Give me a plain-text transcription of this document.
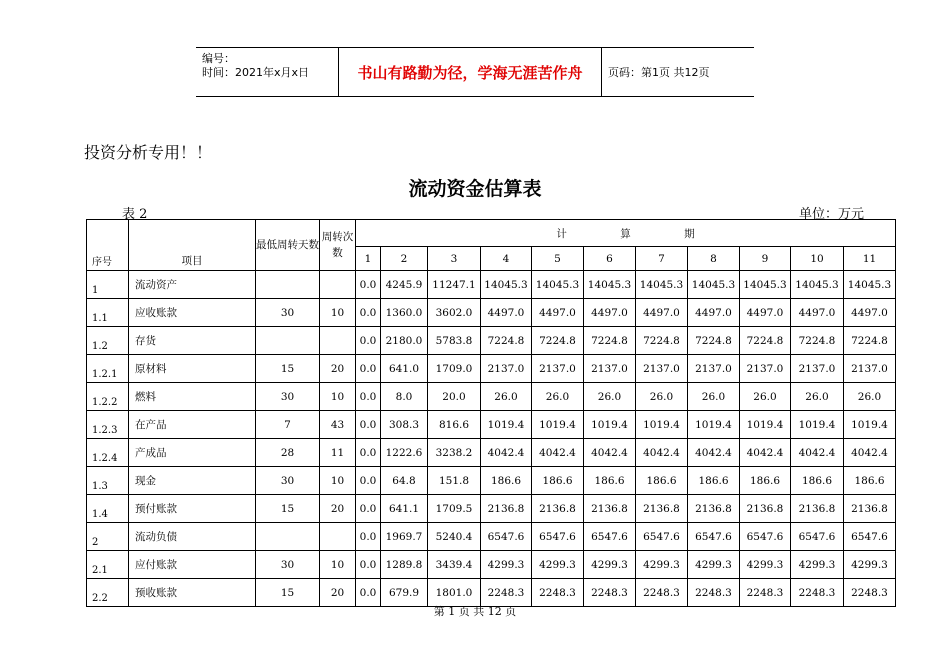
编号：
时间：2021年x月x日	书山有路勤为径，学海无涯苦作舟	页码：第1页 共12页
投资分析专用！！
流动资金估算表
表 2	单位：万元
序号	项目	最低周转天数	周转次数	计                算                期										
				1	2	3	4	5	6	7	8	9	10	11
1	流动资产			0.0	4245.9	11247.1	14045.3	14045.3	14045.3	14045.3	14045.3	14045.3	14045.3	14045.3
1.1	应收账款	30	10	0.0	1360.0	3602.0	4497.0	4497.0	4497.0	4497.0	4497.0	4497.0	4497.0	4497.0
1.2	存货			0.0	2180.0	5783.8	7224.8	7224.8	7224.8	7224.8	7224.8	7224.8	7224.8	7224.8
1.2.1	原材料	15	20	0.0	641.0	1709.0	2137.0	2137.0	2137.0	2137.0	2137.0	2137.0	2137.0	2137.0
1.2.2	燃料	30	10	0.0	8.0	20.0	26.0	26.0	26.0	26.0	26.0	26.0	26.0	26.0
1.2.3	在产品	7	43	0.0	308.3	816.6	1019.4	1019.4	1019.4	1019.4	1019.4	1019.4	1019.4	1019.4
1.2.4	产成品	28	11	0.0	1222.6	3238.2	4042.4	4042.4	4042.4	4042.4	4042.4	4042.4	4042.4	4042.4
1.3	现金	30	10	0.0	64.8	151.8	186.6	186.6	186.6	186.6	186.6	186.6	186.6	186.6
1.4	预付账款	15	20	0.0	641.1	1709.5	2136.8	2136.8	2136.8	2136.8	2136.8	2136.8	2136.8	2136.8
2	流动负债			0.0	1969.7	5240.4	6547.6	6547.6	6547.6	6547.6	6547.6	6547.6	6547.6	6547.6
2.1	应付账款	30	10	0.0	1289.8	3439.4	4299.3	4299.3	4299.3	4299.3	4299.3	4299.3	4299.3	4299.3
2.2	预收账款	15	20	0.0	679.9	1801.0	2248.3	2248.3	2248.3	2248.3	2248.3	2248.3	2248.3	2248.3
第 1 页 共 12 页
